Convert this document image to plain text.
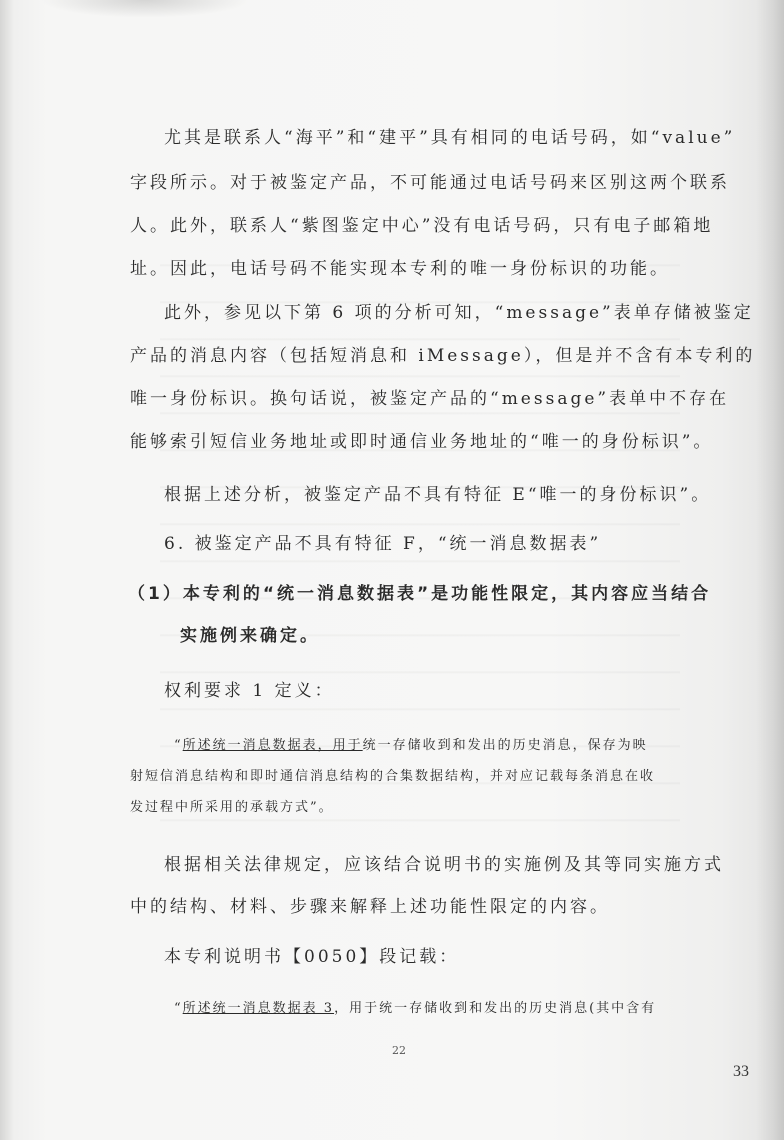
尤其是联系人“海平”和“建平”具有相同的电话号码，如“value”
字段所示。对于被鉴定产品，不可能通过电话号码来区别这两个联系
人。此外，联系人“紫图鉴定中心”没有电话号码，只有电子邮箱地
址。因此，电话号码不能实现本专利的唯一身份标识的功能。
此外，参见以下第 6 项的分析可知，“message”表单存储被鉴定
产品的消息内容（包括短消息和 iMessage），但是并不含有本专利的
唯一身份标识。换句话说，被鉴定产品的“message”表单中不存在
能够索引短信业务地址或即时通信业务地址的“唯一的身份标识”。
根据上述分析，被鉴定产品不具有特征 E“唯一的身份标识”。
6. 被鉴定产品不具有特征 F，“统一消息数据表”
（1）本专利的“统一消息数据表”是功能性限定，其内容应当结合
实施例来确定。
权利要求 1 定义：
“所述统一消息数据表，用于统一存储收到和发出的历史消息，保存为映
射短信消息结构和即时通信消息结构的合集数据结构，并对应记载每条消息在收
发过程中所采用的承载方式”。
根据相关法律规定，应该结合说明书的实施例及其等同实施方式
中的结构、材料、步骤来解释上述功能性限定的内容。
本专利说明书【0050】段记载：
“所述统一消息数据表 3，用于统一存储收到和发出的历史消息(其中含有
22
33
